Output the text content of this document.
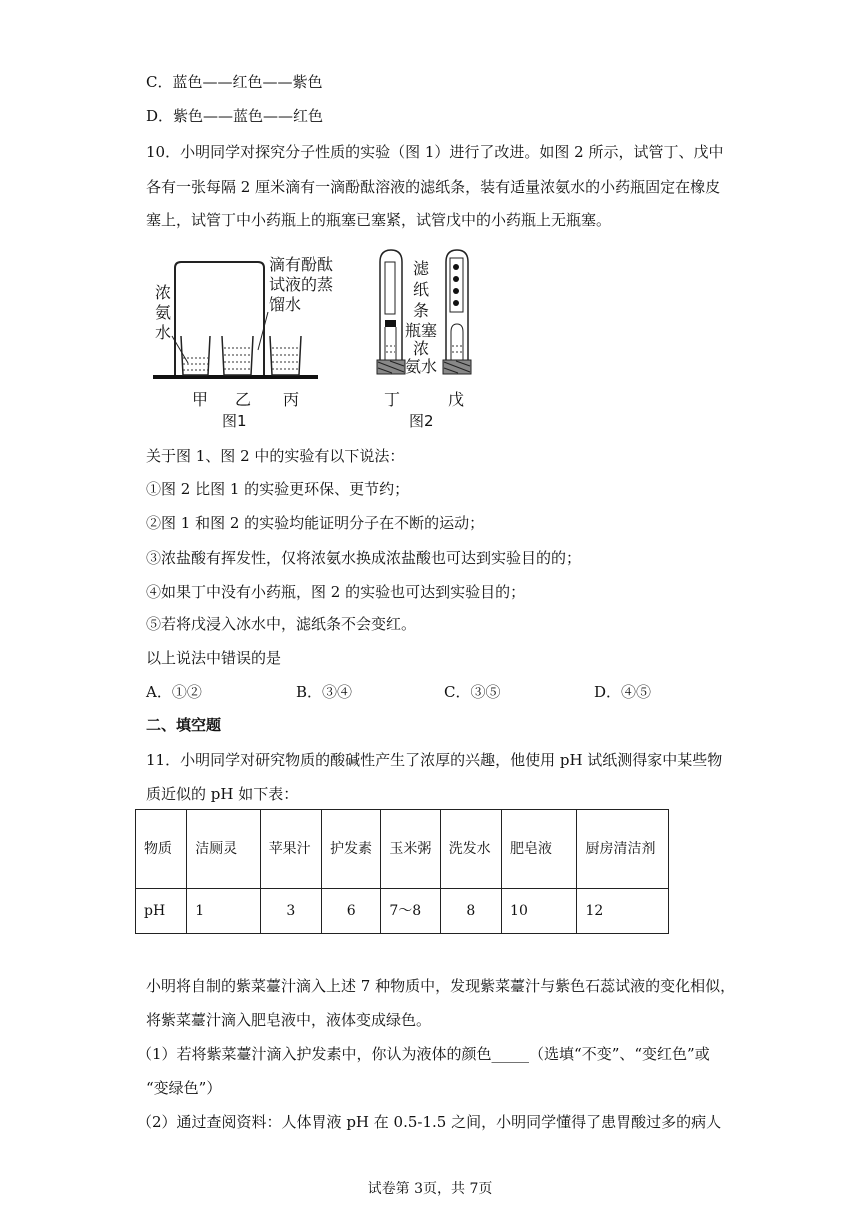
C．蓝色——红色——紫色
D．紫色——蓝色——红色
10．小明同学对探究分子性质的实验（图 1）进行了改进。如图 2 所示，试管丁、戊中
各有一张每隔 2 厘米滴有一滴酚酞溶液的滤纸条，装有适量浓氨水的小药瓶固定在橡皮
塞上，试管丁中小药瓶上的瓶塞已塞紧，试管戊中的小药瓶上无瓶塞。
浓
氨
水
滴有酚酞
试液的蒸
馏水
甲 乙 丙
图1
滤
纸
条
瓶塞
浓
氨水
丁	戊
图2
关于图 1、图 2 中的实验有以下说法：
①图 2 比图 1 的实验更环保、更节约；
②图 1 和图 2 的实验均能证明分子在不断的运动；
③浓盐酸有挥发性，仅将浓氨水换成浓盐酸也可达到实验目的的；
④如果丁中没有小药瓶，图 2 的实验也可达到实验目的；
⑤若将戊浸入冰水中，滤纸条不会变红。
以上说法中错误的是
A．①②	B．③④	C．③⑤	D．④⑤
二、填空题
11．小明同学对研究物质的酸碱性产生了浓厚的兴趣，他使用 pH 试纸测得家中某些物
质近似的 pH 如下表：
物质	洁厕灵	苹果汁	护发素	玉米粥	洗发水	肥皂液	厨房清洁剂
pH	1	3	6	7～8	8	10	12
小明将自制的紫菜薹汁滴入上述 7 种物质中，发现紫菜薹汁与紫色石蕊试液的变化相似，
将紫菜薹汁滴入肥皂液中，液体变成绿色。
（1）若将紫菜薹汁滴入护发素中，你认为液体的颜色_____（选填“不变”、“变红色”或
“变绿色”）
（2）通过查阅资料：人体胃液 pH 在 0.5-1.5 之间，小明同学懂得了患胃酸过多的病人
试卷第 3页，共 7页
